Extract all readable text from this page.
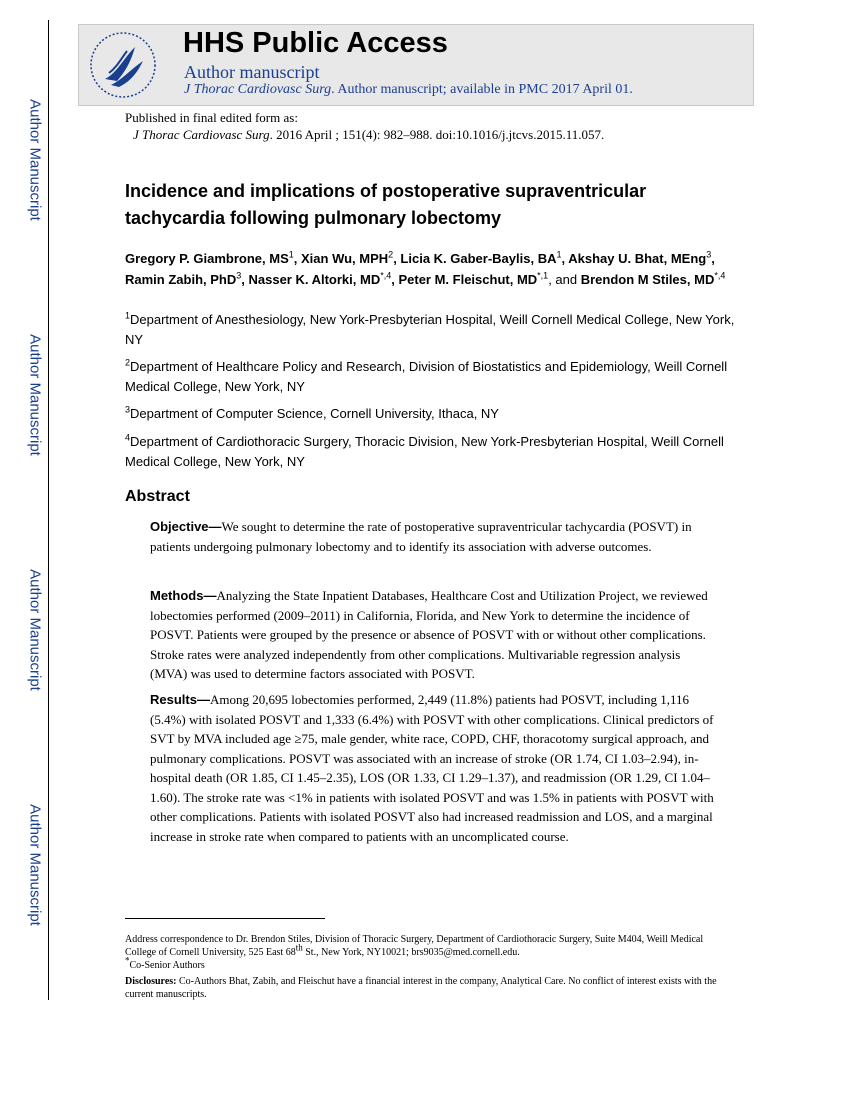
Author Manuscript
Author Manuscript
Author Manuscript
Author Manuscript
HHS Public Access
Author manuscript
J Thorac Cardiovasc Surg. Author manuscript; available in PMC 2017 April 01.
Published in final edited form as:
J Thorac Cardiovasc Surg. 2016 April ; 151(4): 982–988. doi:10.1016/j.jtcvs.2015.11.057.
Incidence and implications of postoperative supraventricular tachycardia following pulmonary lobectomy
Gregory P. Giambrone, $MS^1$, Xian Wu, MPH$^2$, Licia K. Gaber-Baylis, $BA^1$, Akshay U. Bhat, MEng$^3$, Ramin Zabih, PhD$^3$, Nasser K. Altorki, $MD^{*,4}$, Peter M. Fleischut, $MD^{*,1}$, and Brendon M Stiles, $MD^{*,4}$
$^1$Department of Anesthesiology, New York-Presbyterian Hospital, Weill Cornell Medical College, New York, NY
$^2$Department of Healthcare Policy and Research, Division of Biostatistics and Epidemiology, Weill Cornell Medical College, New York, NY
$^3$Department of Computer Science, Cornell University, Ithaca, NY
$^4$Department of Cardiothoracic Surgery, Thoracic Division, New York-Presbyterian Hospital, Weill Cornell Medical College, New York, NY
Abstract
Objective—We sought to determine the rate of postoperative supraventricular tachycardia (POSVT) in patients undergoing pulmonary lobectomy and to identify its association with adverse outcomes.
Methods—Analyzing the State Inpatient Databases, Healthcare Cost and Utilization Project, we reviewed lobectomies performed (2009–2011) in California, Florida, and New York to determine the incidence of POSVT. Patients were grouped by the presence or absence of POSVT with or without other complications. Stroke rates were analyzed independently from other complications. Multivariable regression analysis (MVA) was used to determine factors associated with POSVT.
Results—Among 20,695 lobectomies performed, 2,449 (11.8%) patients had POSVT, including 1,116 (5.4%) with isolated POSVT and 1,333 (6.4%) with POSVT with other complications. Clinical predictors of SVT by MVA included age ≥75, male gender, white race, COPD, CHF, thoracotomy surgical approach, and pulmonary complications. POSVT was associated with an increase of stroke (OR 1.74, CI 1.03–2.94), in-hospital death (OR 1.85, CI 1.45–2.35), LOS (OR 1.33, CI 1.29–1.37), and readmission (OR 1.29, CI 1.04–1.60). The stroke rate was <1% in patients with isolated POSVT and was 1.5% in patients with POSVT with other complications. Patients with isolated POSVT also had increased readmission and LOS, and a marginal increase in stroke rate when compared to patients with an uncomplicated course.
Address correspondence to Dr. Brendon Stiles, Division of Thoracic Surgery, Department of Cardiothoracic Surgery, Suite M404, Weill Medical College of Cornell University, 525 East 68th St., New York, NY10021; brs9035@med.cornell.edu.
*Co-Senior Authors
Disclosures: Co-Authors Bhat, Zabih, and Fleischut have a financial interest in the company, Analytical Care. No conflict of interest exists with the current manuscripts.
